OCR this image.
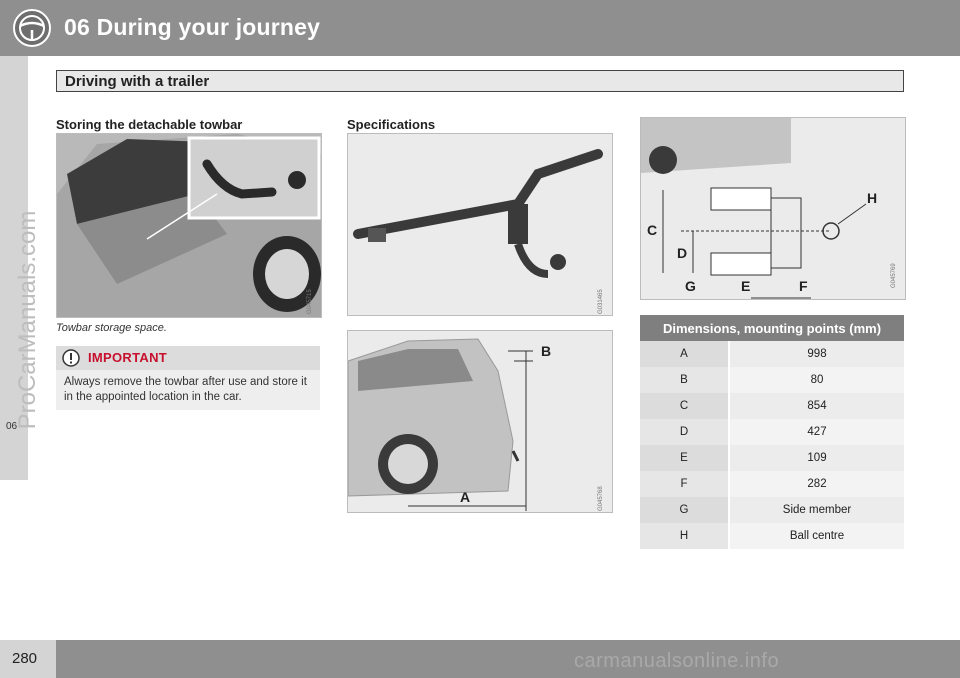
06 During your journey
06
ProCarManuals.com
Driving with a trailer
Storing the detachable towbar
G045715
Towbar storage space.
IMPORTANT
Always remove the towbar after use and store it in the appointed location in the car.
Specifications
G031465
A
B
G045768
C
D
E	F
G
H
G045769
Dimensions, mounting points (mm)
A	998
B	80
C	854
D	427
E	109
F	282
G	Side member
H	Ball centre
280	carmanualsonline.info
